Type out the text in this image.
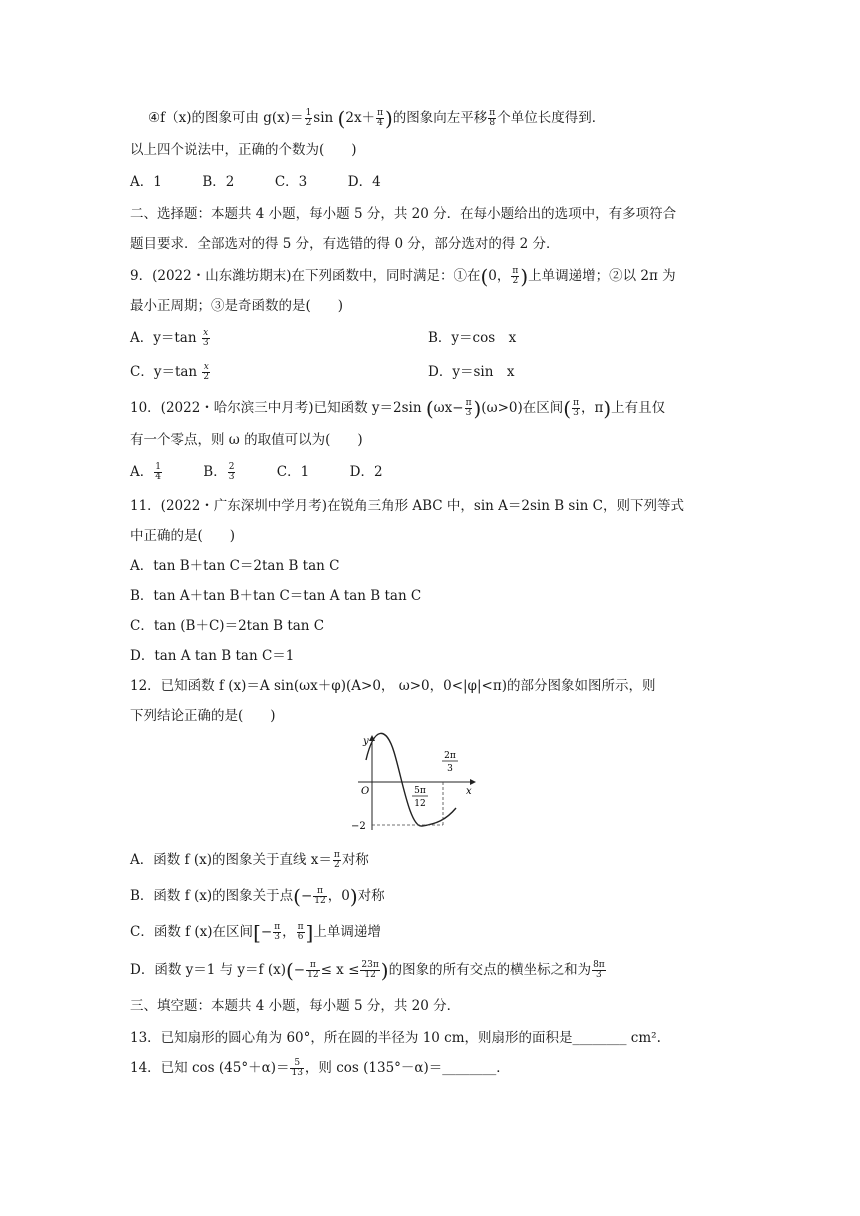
④f（x)的图象可由 $g(x)= \frac{1}{2}$ $\sin (2x+ \frac{\pi}{4}$ )的图象向左平移 $\frac{\pi}{8}$ 个单位长度得到．
以上四个说法中，正确的个数为(　　)
A．1　　　B．2　　　C．3　　　D．4
二、选择题：本题共 4 小题，每小题 5 分，共 20 分．在每小题给出的选项中，有多项符合
题目要求．全部选对的得 5 分，有选错的得 0 分，部分选对的得 2 分．
9．(2022・山东潍坊期末)在下列函数中，同时满足：①在(0， $\frac{\pi}{2}$ )上单调递增；②以 2π 为
最小正周期；③是奇函数的是(　　)
A．$y=\tan \frac{x}{3}$	B．y＝cos　x
C．$y=\tan \frac{x}{2}$	D．y＝sin　x
10．(2022・哈尔滨三中月考)已知函数 y＝2sin $(\omega x- \frac{\pi}{3} )(\omega>0)$在区间( $\frac{\pi}{3}$ ，π)上有且仅
有一个零点，则 ω 的取值可以为(　　)
A． $\frac{1}{4}$	B． $\frac{2}{3}$	C．1　　　D．2
11．(2022・广东深圳中学月考)在锐角三角形 ABC 中，sin A＝2sin B sin C，则下列等式
中正确的是(　　)
A．tan B＋tan C＝2tan B tan C
B．tan A＋tan B＋tan C＝tan A tan B tan C
C．tan (B＋C)＝2tan B tan C
D．tan A tan B tan C＝1
12．已知函数 f (x)＝A sin(ωx＋φ)(A>0， ω>0，0<|φ|<π)的部分图象如图所示，则
下列结论正确的是(　　)
y
x
O
−2
5π
12
2π
3
A．函数 f (x)的图象关于直线 $x= \frac{\pi}{2}$ 对称
B．函数 f (x)的图象关于点(− $\frac{\pi}{12}$ ，0)对称
C．函数 f (x)在区间[− $\frac{\pi}{3}$ ， $\frac{\pi}{6}$ ]上单调递增
D．函数 y＝1 与 y＝f $(x)(- \frac{\pi}{12} \le x \le \frac{23\pi}{12}$ )的图象的所有交点的横坐标之和为 $\frac{8\pi}{3}$
三、填空题：本题共 4 小题，每小题 5 分，共 20 分．
13．已知扇形的圆心角为 60°，所在圆的半径为 10 cm，则扇形的面积是________ cm².
14．已知 $\cos (45^\circ+\alpha)= \frac{5}{13}$ ，则 cos (135°－α)＝________．
